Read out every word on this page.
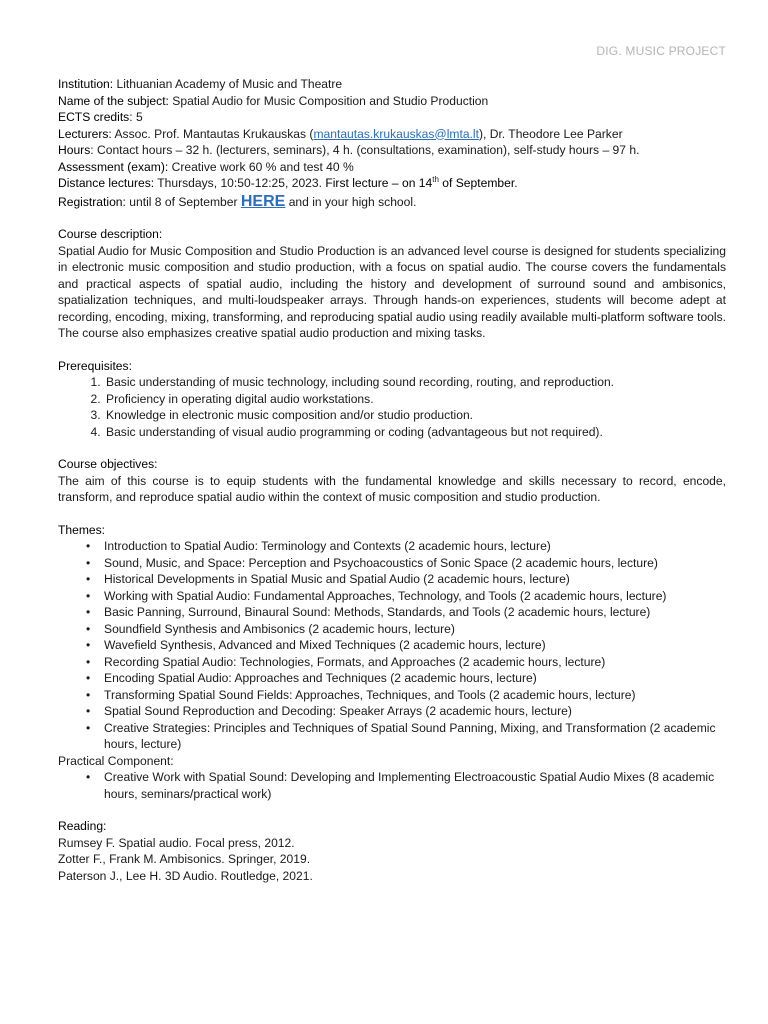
DIG. MUSIC PROJECT
Institution: Lithuanian Academy of Music and Theatre
Name of the subject: Spatial Audio for Music Composition and Studio Production
ECTS credits: 5
Lecturers: Assoc. Prof. Mantautas Krukauskas (mantautas.krukauskas@lmta.lt), Dr. Theodore Lee Parker
Hours: Contact hours – 32 h. (lecturers, seminars), 4 h. (consultations, examination), self-study hours – 97 h.
Assessment (exam): Creative work 60 % and test 40 %
Distance lectures: Thursdays, 10:50-12:25, 2023. First lecture – on 14th of September.
Registration: until 8 of September HERE and in your high school.
Course description:
Spatial Audio for Music Composition and Studio Production is an advanced level course is designed for students specializing in electronic music composition and studio production, with a focus on spatial audio. The course covers the fundamentals and practical aspects of spatial audio, including the history and development of surround sound and ambisonics, spatialization techniques, and multi-loudspeaker arrays. Through hands-on experiences, students will become adept at recording, encoding, mixing, transforming, and reproducing spatial audio using readily available multi-platform software tools. The course also emphasizes creative spatial audio production and mixing tasks.
Prerequisites:
1. Basic understanding of music technology, including sound recording, routing, and reproduction.
2. Proficiency in operating digital audio workstations.
3. Knowledge in electronic music composition and/or studio production.
4. Basic understanding of visual audio programming or coding (advantageous but not required).
Course objectives:
The aim of this course is to equip students with the fundamental knowledge and skills necessary to record, encode, transform, and reproduce spatial audio within the context of music composition and studio production.
Themes:
• Introduction to Spatial Audio: Terminology and Contexts (2 academic hours, lecture)
• Sound, Music, and Space: Perception and Psychoacoustics of Sonic Space (2 academic hours, lecture)
• Historical Developments in Spatial Music and Spatial Audio (2 academic hours, lecture)
• Working with Spatial Audio: Fundamental Approaches, Technology, and Tools (2 academic hours, lecture)
• Basic Panning, Surround, Binaural Sound: Methods, Standards, and Tools (2 academic hours, lecture)
• Soundfield Synthesis and Ambisonics (2 academic hours, lecture)
• Wavefield Synthesis, Advanced and Mixed Techniques (2 academic hours, lecture)
• Recording Spatial Audio: Technologies, Formats, and Approaches (2 academic hours, lecture)
• Encoding Spatial Audio: Approaches and Techniques (2 academic hours, lecture)
• Transforming Spatial Sound Fields: Approaches, Techniques, and Tools (2 academic hours, lecture)
• Spatial Sound Reproduction and Decoding: Speaker Arrays (2 academic hours, lecture)
• Creative Strategies: Principles and Techniques of Spatial Sound Panning, Mixing, and Transformation (2 academic hours, lecture)
Practical Component:
• Creative Work with Spatial Sound: Developing and Implementing Electroacoustic Spatial Audio Mixes (8 academic hours, seminars/practical work)
Reading:
Rumsey F. Spatial audio. Focal press, 2012.
Zotter F., Frank M. Ambisonics. Springer, 2019.
Paterson J., Lee H. 3D Audio. Routledge, 2021.
